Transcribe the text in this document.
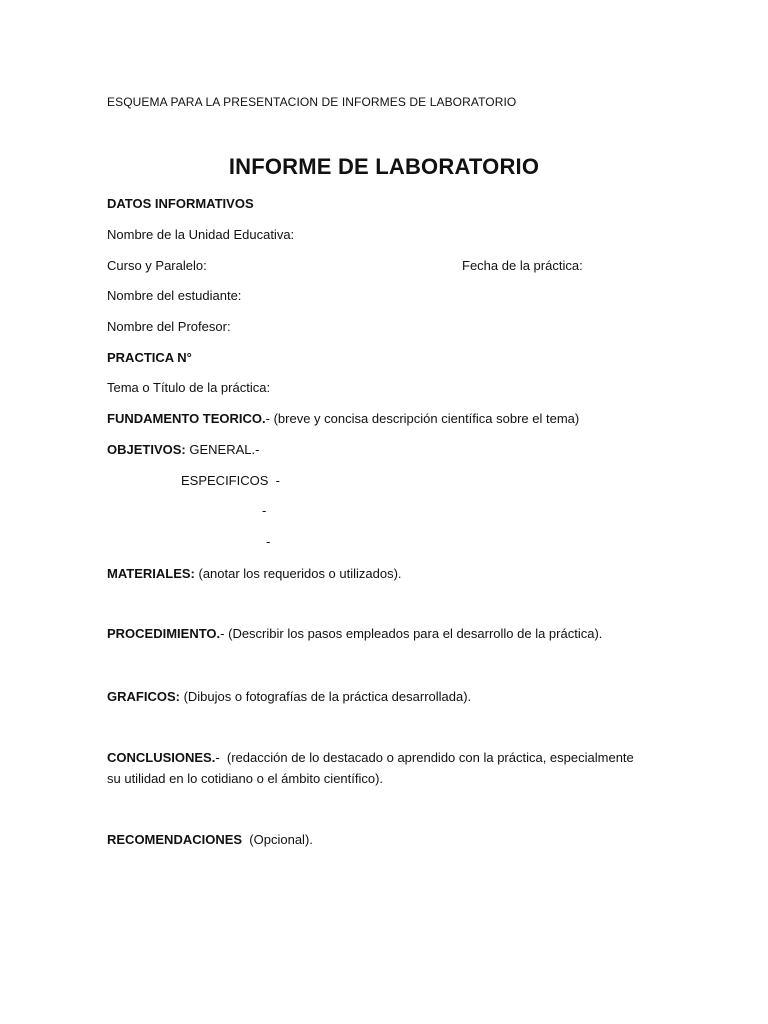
ESQUEMA PARA LA PRESENTACION DE INFORMES DE LABORATORIO
INFORME DE LABORATORIO
DATOS INFORMATIVOS
Nombre de la Unidad Educativa:
Curso y Paralelo:	Fecha de la práctica:
Nombre del estudiante:
Nombre del Profesor:
PRACTICA N°
Tema o Título de la práctica:
FUNDAMENTO TEORICO.- (breve y concisa descripción científica sobre el tema)
OBJETIVOS: GENERAL.-
ESPECIFICOS  -
-
-
MATERIALES: (anotar los requeridos o utilizados).
PROCEDIMIENTO.- (Describir los pasos empleados para el desarrollo de la práctica).
GRAFICOS: (Dibujos o fotografías de la práctica desarrollada).
CONCLUSIONES.-  (redacción de lo destacado o aprendido con la práctica, especialmente
su utilidad en lo cotidiano o el ámbito científico).
RECOMENDACIONES  (Opcional).
